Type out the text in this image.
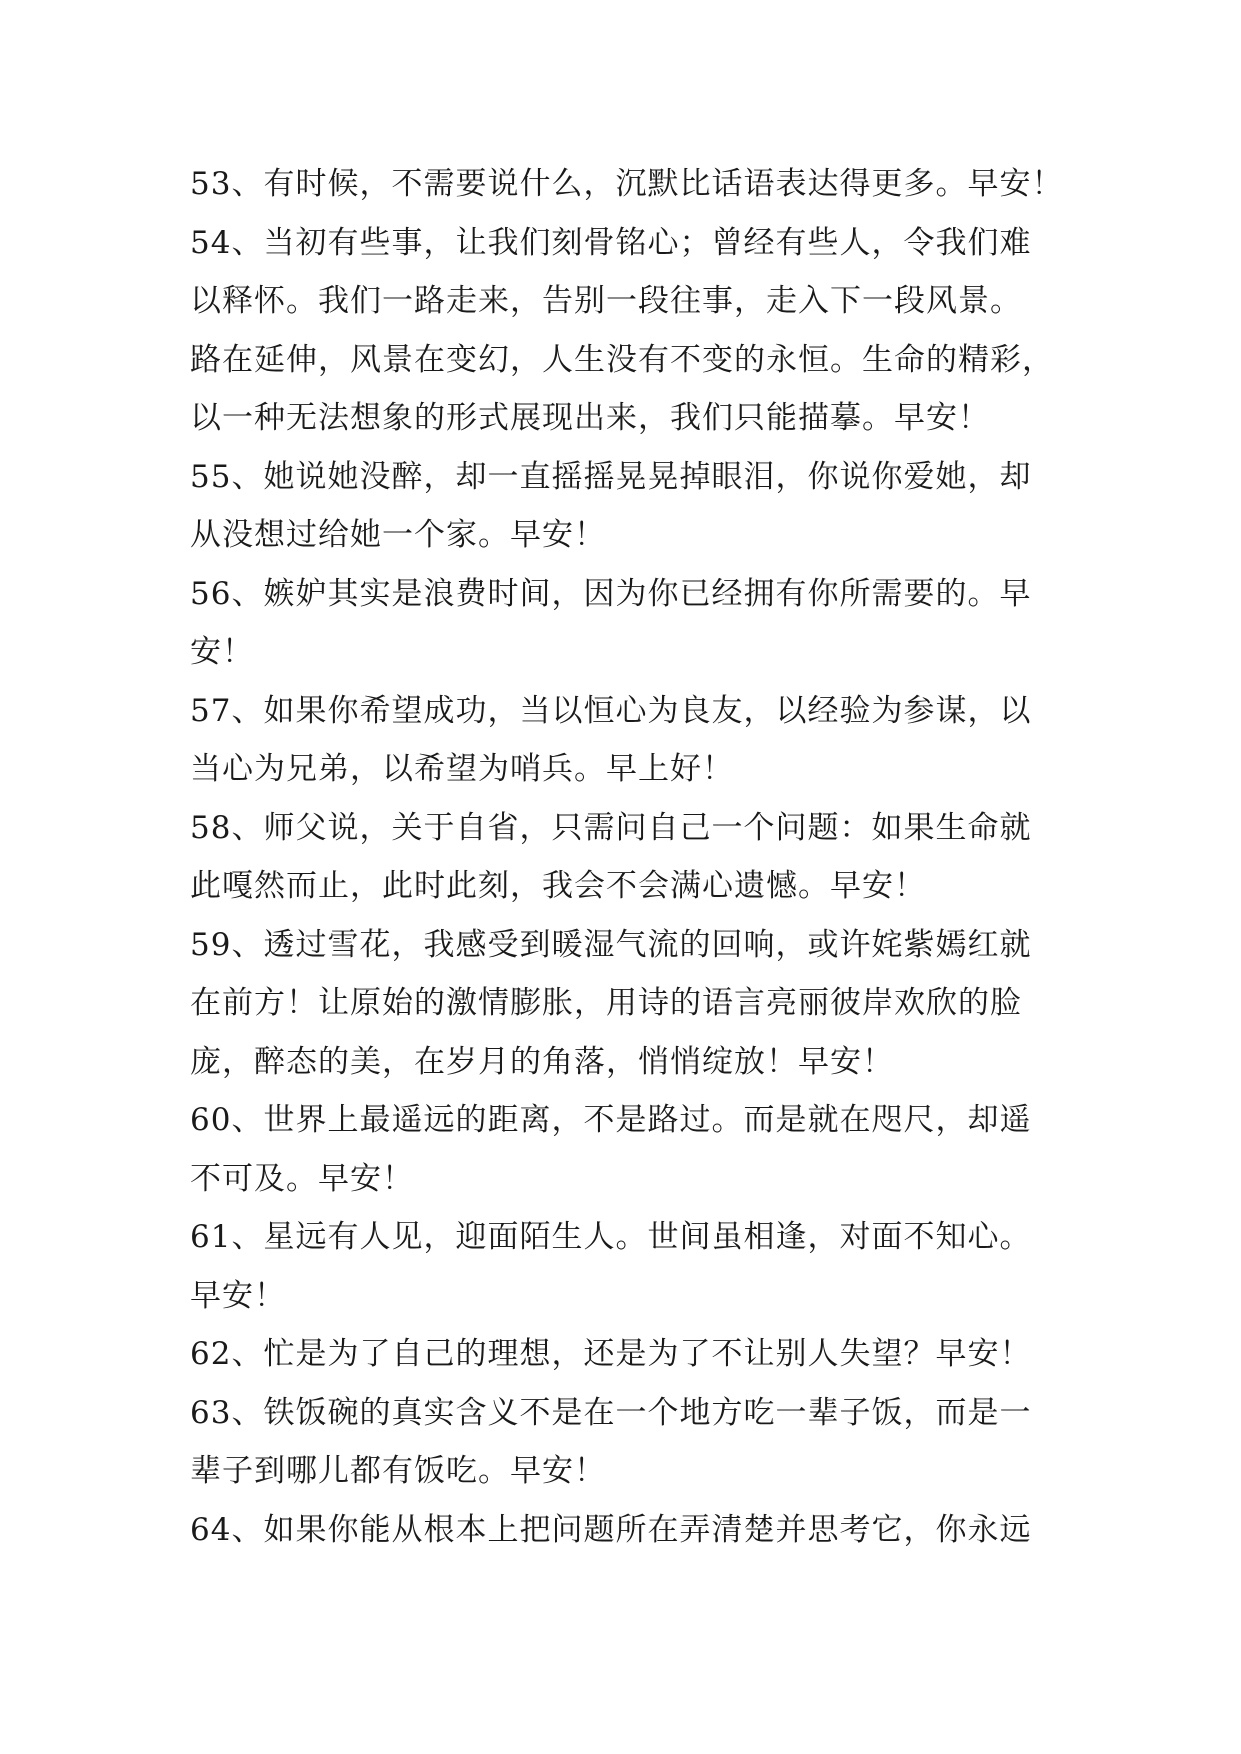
53、有时候，不需要说什么，沉默比话语表达得更多。早安！
54、当初有些事，让我们刻骨铭心；曾经有些人，令我们难
以释怀。我们一路走来，告别一段往事，走入下一段风景。
路在延伸，风景在变幻，人生没有不变的永恒。生命的精彩，
以一种无法想象的形式展现出来，我们只能描摹。早安！
55、她说她没醉，却一直摇摇晃晃掉眼泪，你说你爱她，却
从没想过给她一个家。早安！
56、嫉妒其实是浪费时间，因为你已经拥有你所需要的。早
安！
57、如果你希望成功，当以恒心为良友，以经验为参谋，以
当心为兄弟，以希望为哨兵。早上好！
58、师父说，关于自省，只需问自己一个问题：如果生命就
此嘎然而止，此时此刻，我会不会满心遗憾。早安！
59、透过雪花，我感受到暖湿气流的回响，或许姹紫嫣红就
在前方！让原始的激情膨胀，用诗的语言亮丽彼岸欢欣的脸
庞，醉态的美，在岁月的角落，悄悄绽放！早安！
60、世界上最遥远的距离，不是路过。而是就在咫尺，却遥
不可及。早安！
61、星远有人见，迎面陌生人。世间虽相逢，对面不知心。
早安！
62、忙是为了自己的理想，还是为了不让别人失望？早安！
63、铁饭碗的真实含义不是在一个地方吃一辈子饭，而是一
辈子到哪儿都有饭吃。早安！
64、如果你能从根本上把问题所在弄清楚并思考它，你永远
